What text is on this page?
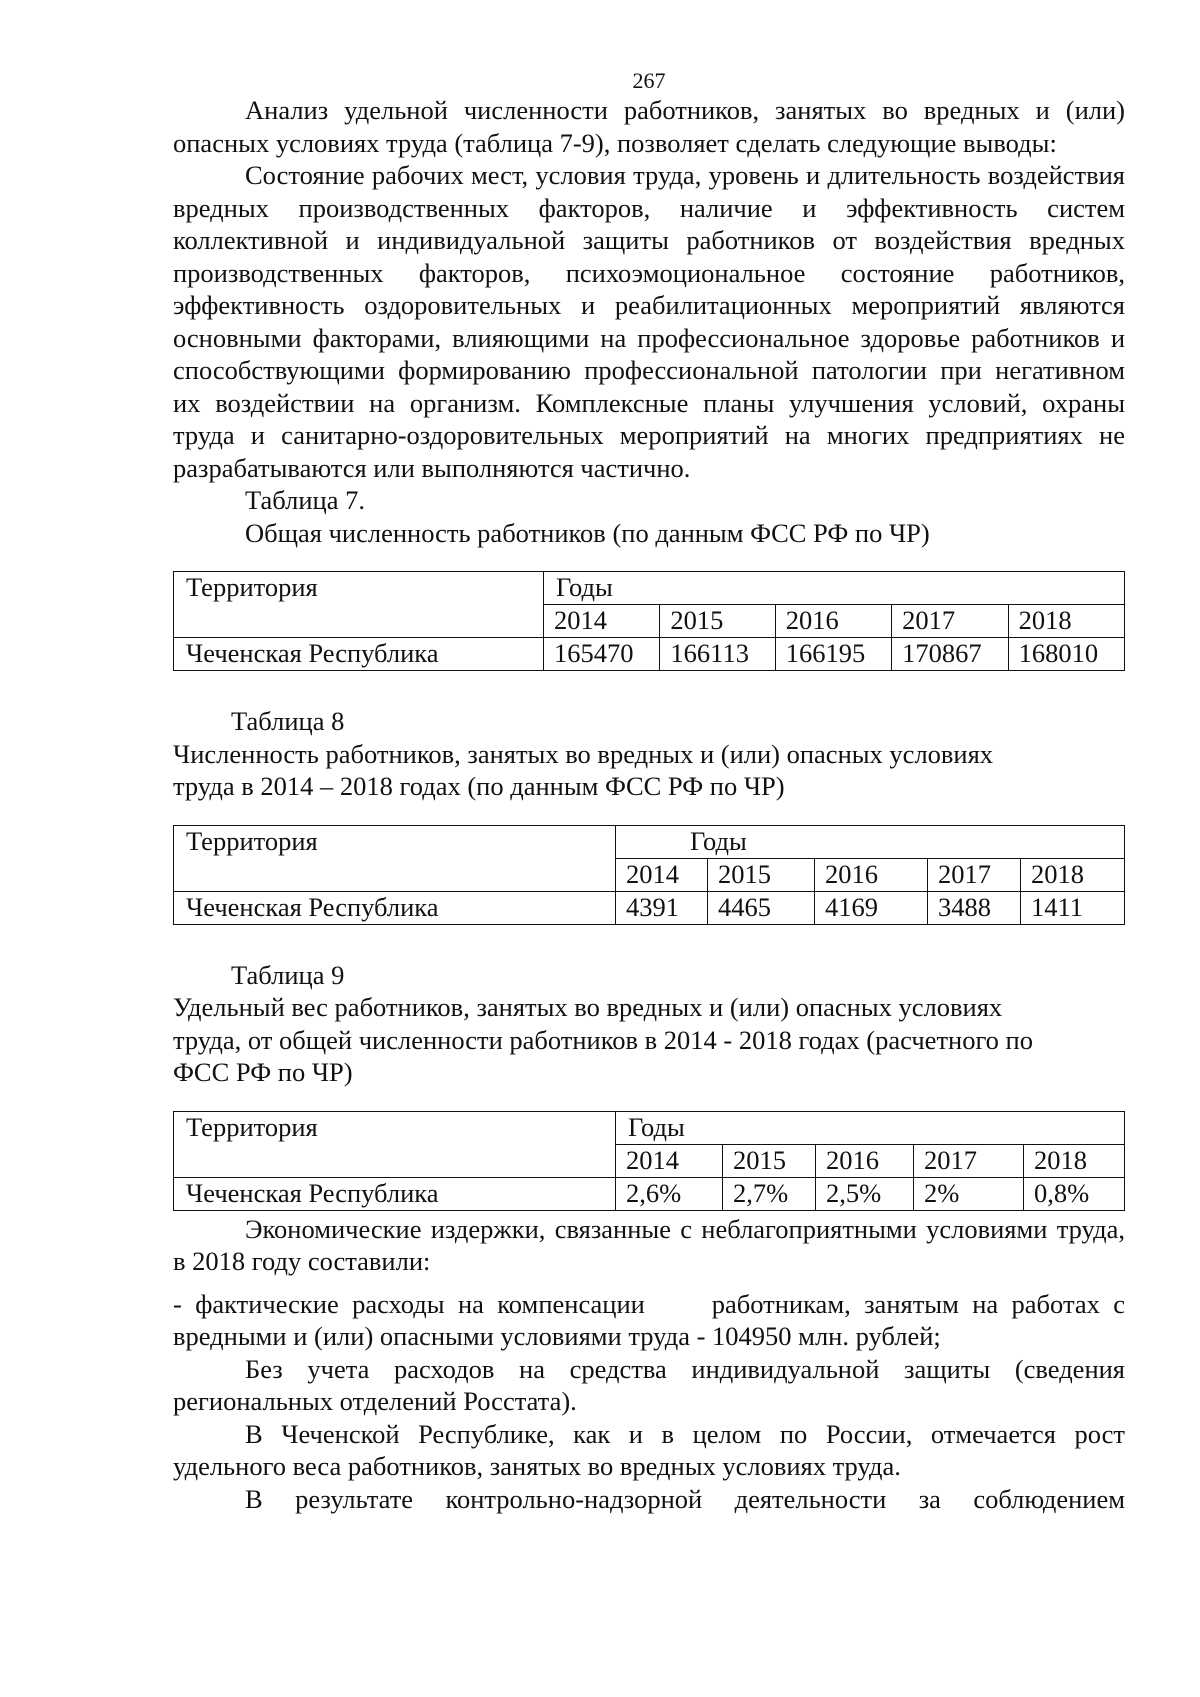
267

Анализ удельной численности работников, занятых во вредных и (или) опасных условиях труда (таблица 7-9), позволяет сделать следующие выводы:

Состояние рабочих мест, условия труда, уровень и длительность воздействия вредных производственных факторов, наличие и эффективность систем коллективной и индивидуальной защиты работников от воздействия вредных производственных факторов, психоэмоциональное состояние работников, эффективность оздоровительных и реабилитационных мероприятий являются основными факторами, влияющими на профессиональное здоровье работников и способствующими формированию профессиональной патологии при негативном их воздействии на организм. Комплексные планы улучшения условий, охраны труда и санитарно-оздоровительных мероприятий на многих предприятиях не разрабатываются или выполняются частично.

Таблица 7.

Общая численность работников (по данным ФСС РФ по ЧР)

Территория	Годы				
	2014	2015	2016	2017	2018
Чеченская Республика	165470	166113	166195	170867	168010

Таблица 8

Численность работников, занятых во вредных и (или) опасных условиях

труда в 2014 – 2018 годах (по данным ФСС РФ по ЧР)

Территория	Годы				
	2014	2015	2016	2017	2018
Чеченская Республика	4391	4465	4169	3488	1411

Таблица 9

Удельный вес работников, занятых во вредных и (или) опасных условиях

труда, от общей численности работников в 2014 - 2018 годах (расчетного по

ФСС РФ по ЧР)

Территория	Годы				
	2014	2015	2016	2017	2018
Чеченская Республика	2,6%	2,7%	2,5%	2%	0,8%

Экономические издержки, связанные с неблагоприятными условиями труда, в 2018 году составили:

- фактические расходы на компенсации     работникам, занятым на работах с вредными и (или) опасными условиями труда - 104950 млн. рублей;

Без учета расходов на средства индивидуальной защиты (сведения региональных отделений Росстата).

В Чеченской Республике, как и в целом по России, отмечается рост удельного веса работников, занятых во вредных условиях труда.

В результате контрольно-надзорной деятельности за соблюдением
